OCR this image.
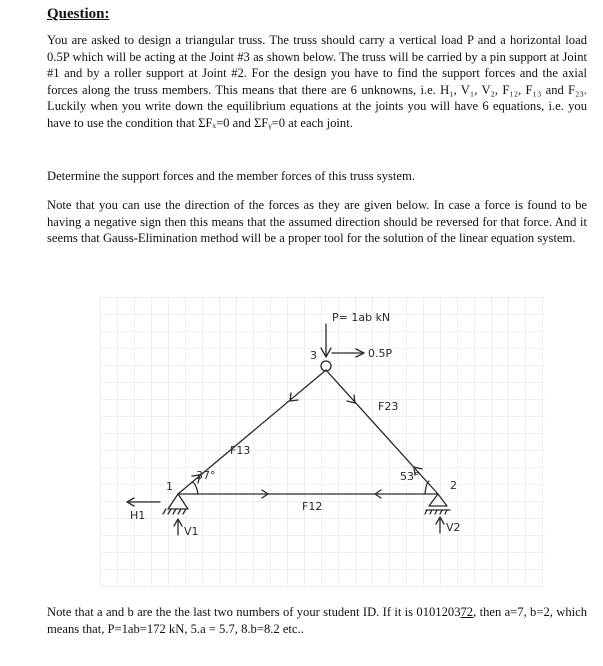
Question:
You are asked to design a triangular truss. The truss should carry a vertical load P and a horizontal load 0.5P which will be acting at the Joint #3 as shown below. The truss will be carried by a pin support at Joint #1 and by a roller support at Joint #2. For the design you have to find the support forces and the axial forces along the truss members. This means that there are 6 unknowns, i.e. H₁, V₁, V₂, F₁₂, F₁₃ and F₂₃. Luckily when you write down the equilibrium equations at the joints you will have 6 equations, i.e. you have to use the condition that ΣFₓ=0 and ΣFᵧ=0 at each joint.
Determine the support forces and the member forces of this truss system.
Note that you can use the direction of the forces as they are given below. In case a force is found to be having a negative sign then this means that the assumed direction should be reversed for that force. And it seems that Gauss-Elimination method will be a proper tool for the solution of the linear equation system.
P= 1ab kN
0.5P
3
1	2
37°	53°
F13
F12
F23
H1
V1	V2
Note that a and b are the the last two numbers of your student ID. If it is 010120372, then a=7, b=2, which means that, P=1ab=172 kN, 5.a = 5.7, 8.b=8.2 etc..
